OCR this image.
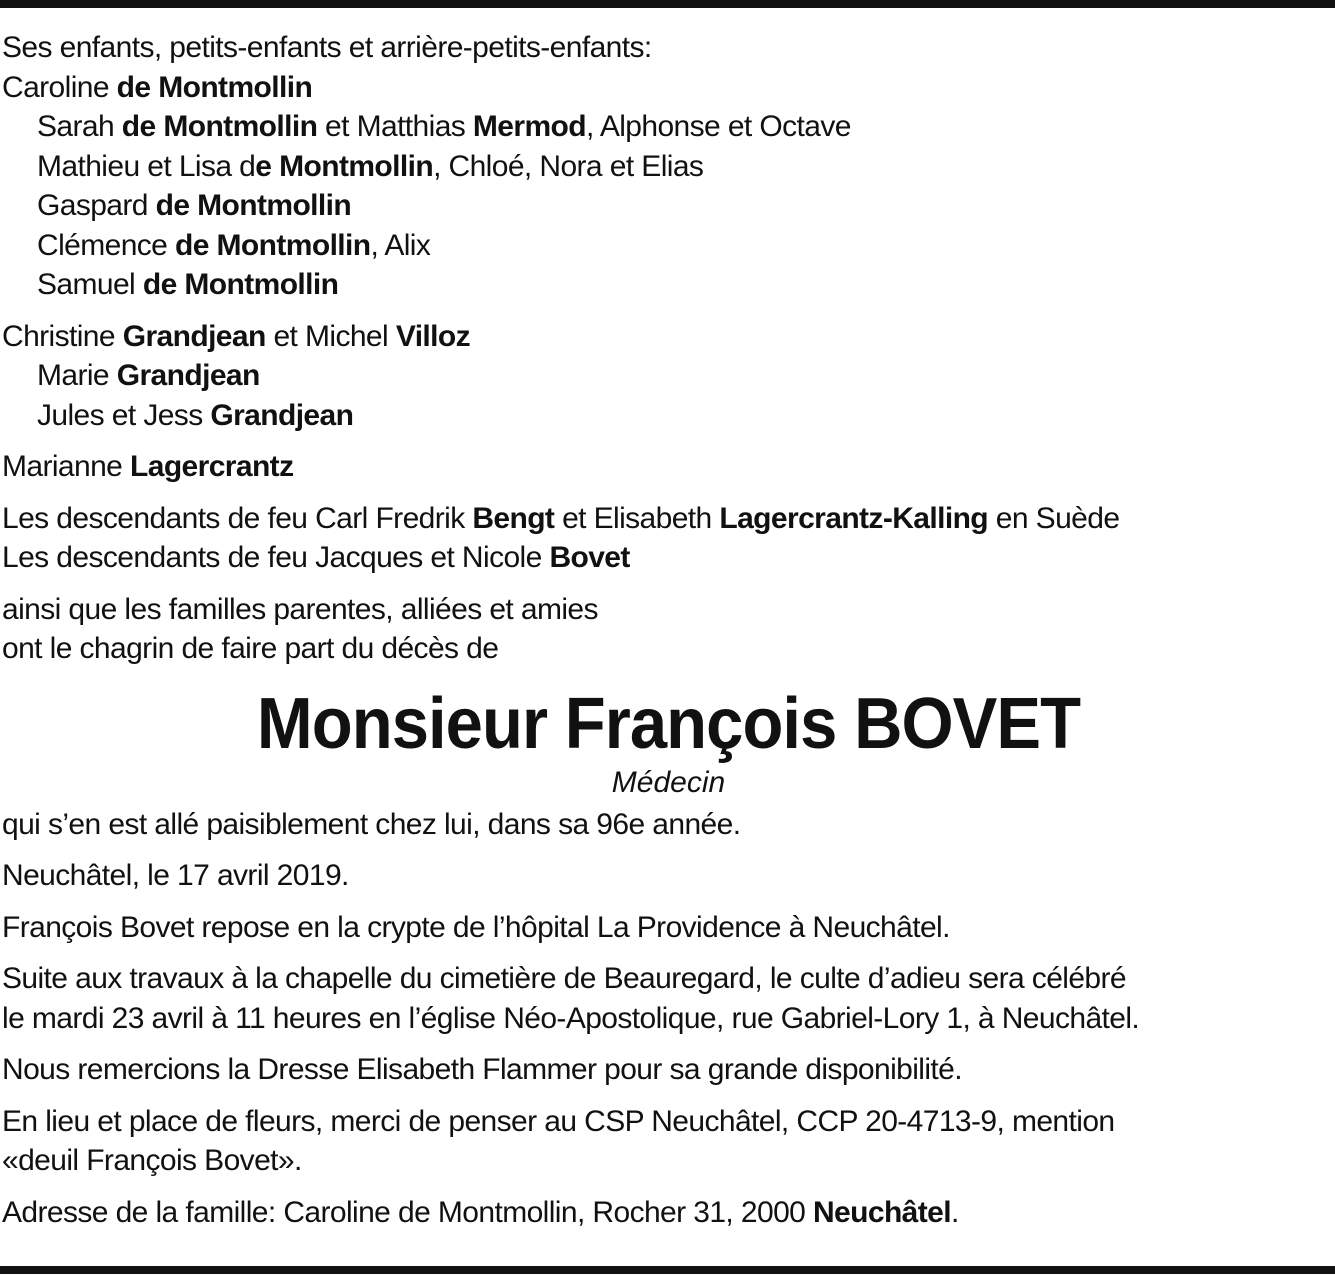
Ses enfants, petits-enfants et arrière-petits-enfants:
Caroline de Montmollin
Sarah de Montmollin et Matthias Mermod, Alphonse et Octave
Mathieu et Lisa de Montmollin, Chloé, Nora et Elias
Gaspard de Montmollin
Clémence de Montmollin, Alix
Samuel de Montmollin
Christine Grandjean et Michel Villoz
Marie Grandjean
Jules et Jess Grandjean
Marianne Lagercrantz
Les descendants de feu Carl Fredrik Bengt et Elisabeth Lagercrantz-Kalling en Suède
Les descendants de feu Jacques et Nicole Bovet
ainsi que les familles parentes, alliées et amies
ont le chagrin de faire part du décès de
Monsieur François BOVET
Médecin
qui s’en est allé paisiblement chez lui, dans sa 96e année.
Neuchâtel, le 17 avril 2019.
François Bovet repose en la crypte de l’hôpital La Providence à Neuchâtel.
Suite aux travaux à la chapelle du cimetière de Beauregard, le culte d’adieu sera célébré
le mardi 23 avril à 11 heures en l’église Néo-Apostolique, rue Gabriel-Lory 1, à Neuchâtel.
Nous remercions la Dresse Elisabeth Flammer pour sa grande disponibilité.
En lieu et place de fleurs, merci de penser au CSP Neuchâtel, CCP 20-4713-9, mention
«deuil François Bovet».
Adresse de la famille: Caroline de Montmollin, Rocher 31, 2000 Neuchâtel.
